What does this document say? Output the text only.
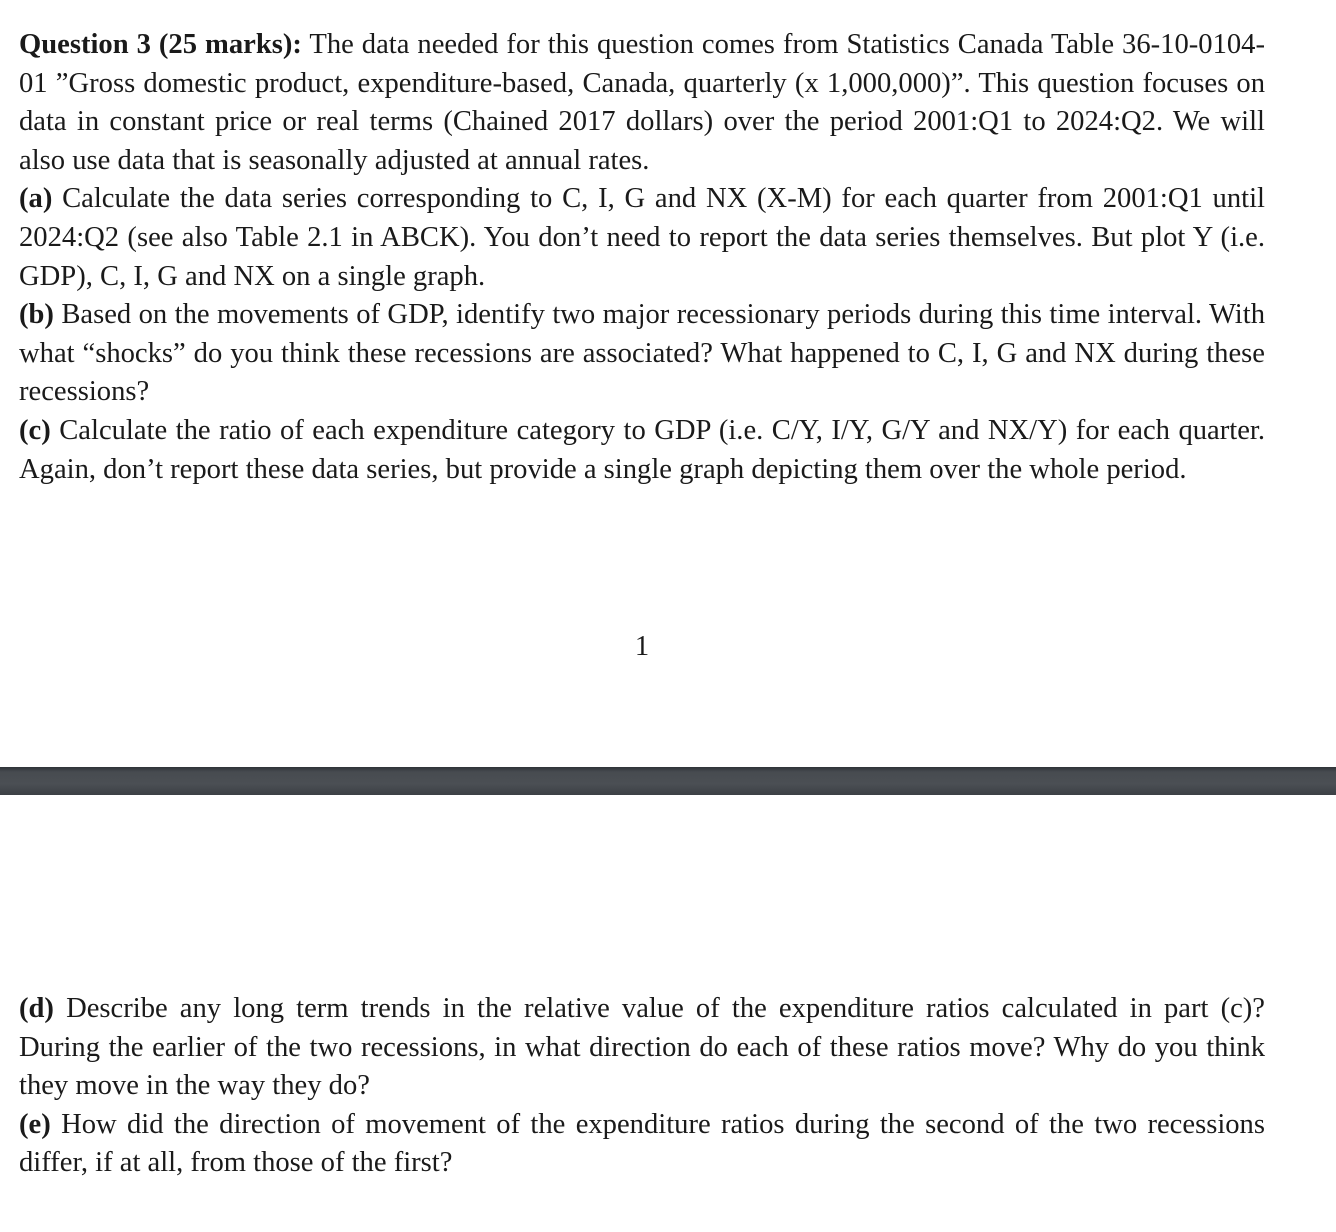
Question 3 (25 marks): The data needed for this question comes from Statistics Canada Table 36-10-0104-01 ”Gross domestic product, expenditure-based, Canada, quarterly (x 1,000,000)”. This question focuses on data in constant price or real terms (Chained 2017 dollars) over the period 2001:Q1 to 2024:Q2. We will also use data that is seasonally adjusted at annual rates.

(a) Calculate the data series corresponding to C, I, G and NX (X-M) for each quarter from 2001:Q1 until 2024:Q2 (see also Table 2.1 in ABCK). You don’t need to report the data series themselves. But plot Y (i.e. GDP), C, I, G and NX on a single graph.

(b) Based on the movements of GDP, identify two major recessionary periods during this time interval. With what “shocks” do you think these recessions are associated? What happened to C, I, G and NX during these recessions?

(c) Calculate the ratio of each expenditure category to GDP (i.e. C/Y, I/Y, G/Y and NX/Y) for each quarter. Again, don’t report these data series, but provide a single graph depicting them over the whole period.

1

(d) Describe any long term trends in the relative value of the expenditure ratios calculated in part (c)? During the earlier of the two recessions, in what direction do each of these ratios move? Why do you think they move in the way they do?

(e) How did the direction of movement of the expenditure ratios during the second of the two recessions differ, if at all, from those of the first?
